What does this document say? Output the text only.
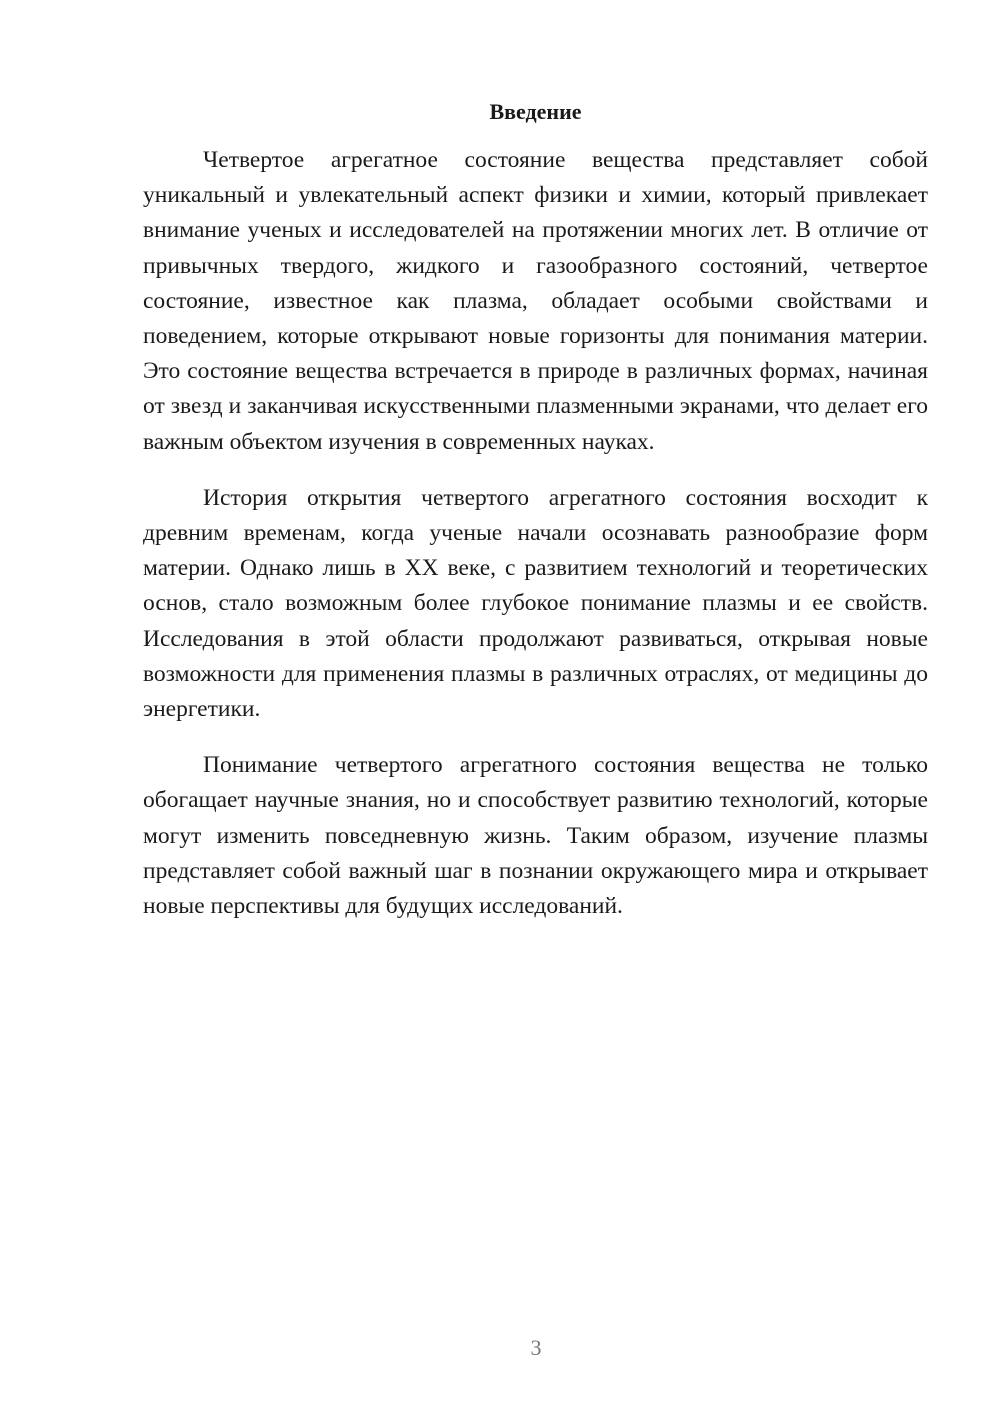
Введение

Четвертое агрегатное состояние вещества представляет собой уникальный и увлекательный аспект физики и химии, который привлекает внимание ученых и исследователей на протяжении многих лет. В отличие от привычных твердого, жидкого и газообразного состояний, четвертое состояние, известное как плазма, обладает особыми свойствами и поведением, которые открывают новые горизонты для понимания материи. Это состояние вещества встречается в природе в различных формах, начиная от звезд и заканчивая искусственными плазменными экранами, что делает его важным объектом изучения в современных науках.

История открытия четвертого агрегатного состояния восходит к древним временам, когда ученые начали осознавать разнообразие форм материи. Однако лишь в XX веке, с развитием технологий и теоретических основ, стало возможным более глубокое понимание плазмы и ее свойств. Исследования в этой области продолжают развиваться, открывая новые возможности для применения плазмы в различных отраслях, от медицины до энергетики.

Понимание четвертого агрегатного состояния вещества не только обогащает научные знания, но и способствует развитию технологий, которые могут изменить повседневную жизнь. Таким образом, изучение плазмы представляет собой важный шаг в познании окружающего мира и открывает новые перспективы для будущих исследований.

3
